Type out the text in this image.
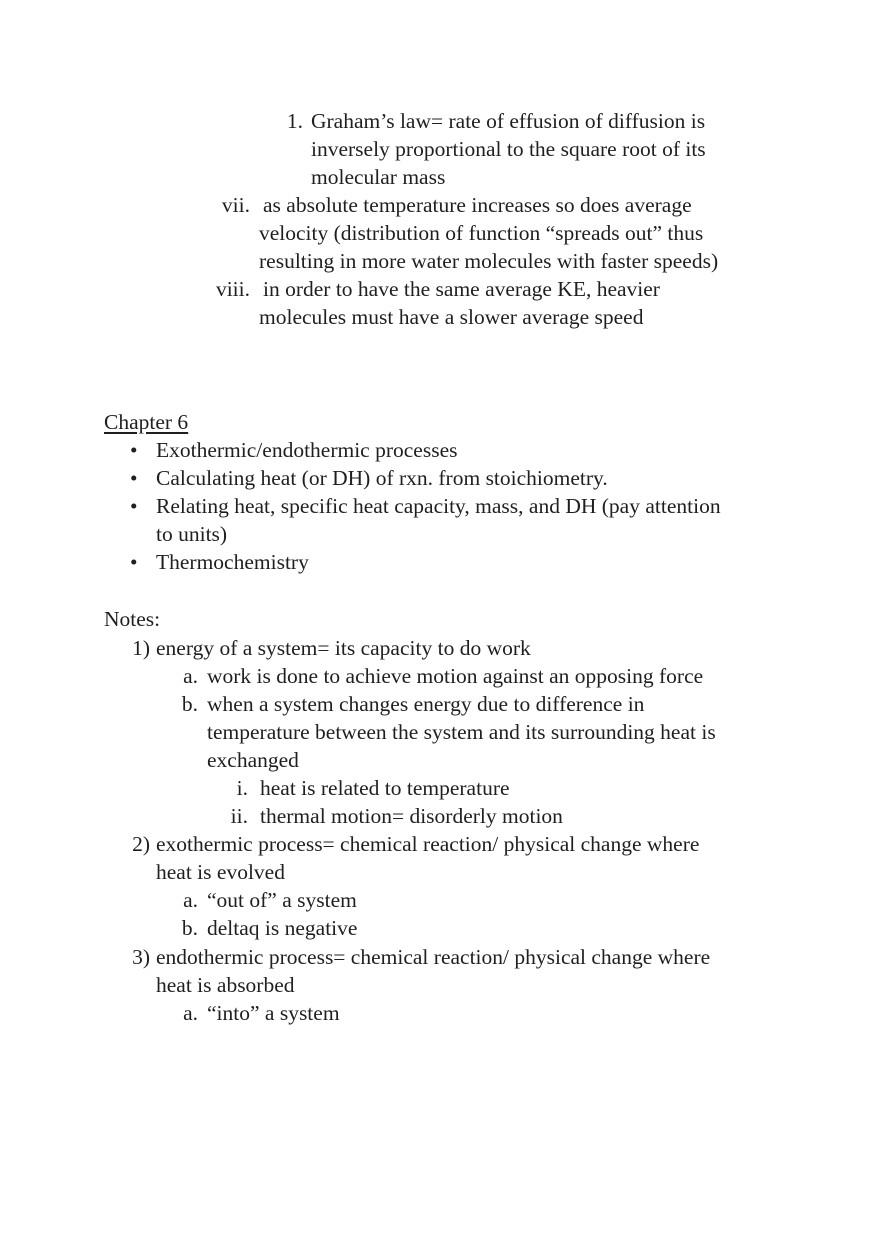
1. Graham’s law= rate of effusion of diffusion is
inversely proportional to the square root of its
molecular mass
vii. as absolute temperature increases so does average
velocity (distribution of function “spreads out” thus
resulting in more water molecules with faster speeds)
viii. in order to have the same average KE, heavier
molecules must have a slower average speed
Chapter 6
• Exothermic/endothermic processes
• Calculating heat (or DH) of rxn. from stoichiometry.
• Relating heat, specific heat capacity, mass, and DH (pay attention
to units)
• Thermochemistry
Notes:
1) energy of a system= its capacity to do work
a. work is done to achieve motion against an opposing force
b. when a system changes energy due to difference in
temperature between the system and its surrounding heat is
exchanged
i. heat is related to temperature
ii. thermal motion= disorderly motion
2) exothermic process= chemical reaction/ physical change where
heat is evolved
a. “out of” a system
b. deltaq is negative
3) endothermic process= chemical reaction/ physical change where
heat is absorbed
a. “into” a system
